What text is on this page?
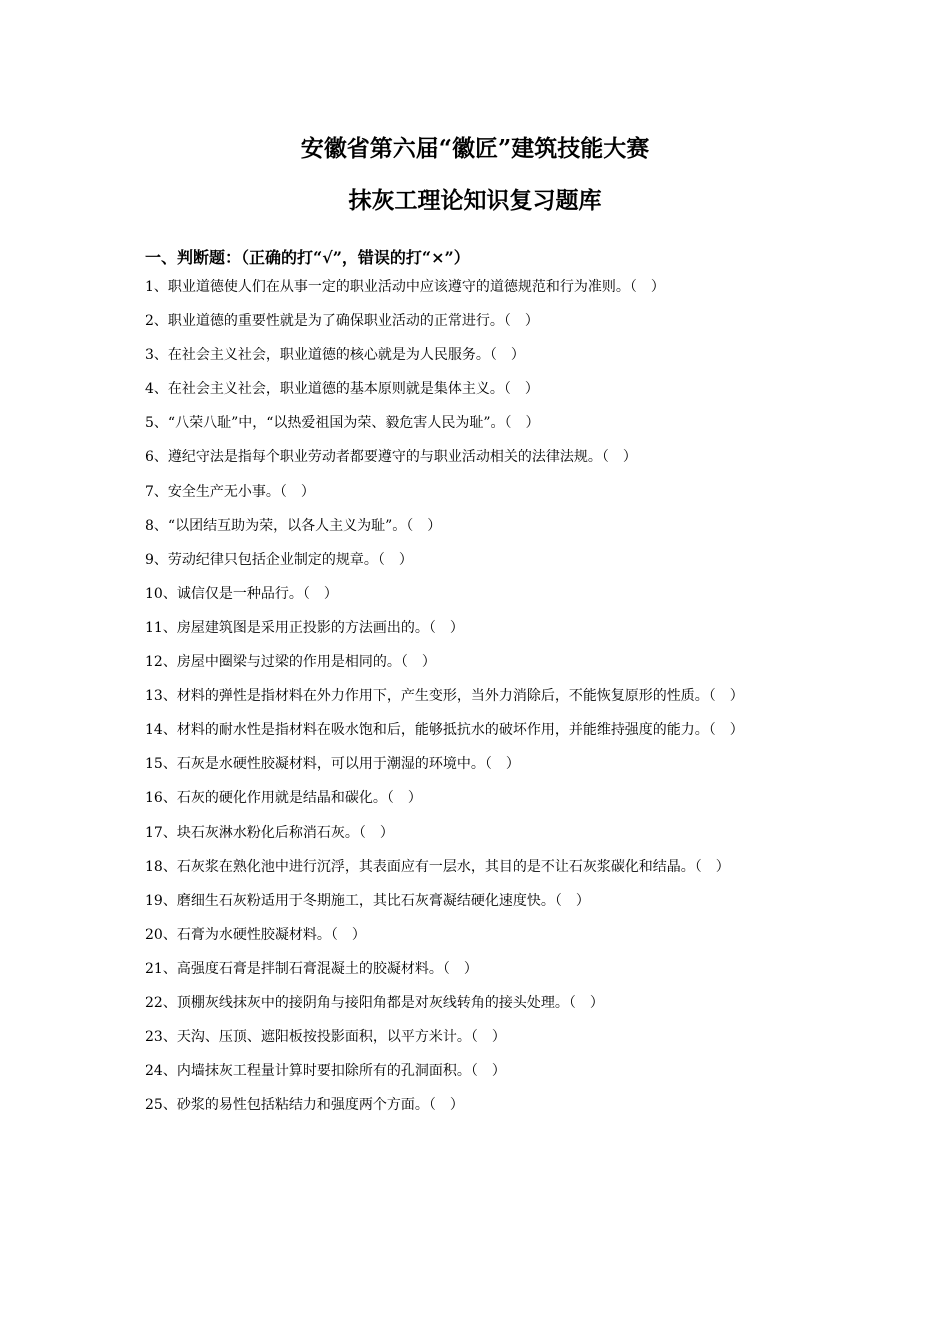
安徽省第六届“徽匠”建筑技能大赛
抹灰工理论知识复习题库
一、判断题：（正确的打“√”，错误的打“×”）
1、职业道德使人们在从事一定的职业活动中应该遵守的道德规范和行为准则。（　）
2、职业道德的重要性就是为了确保职业活动的正常进行。（　）
3、在社会主义社会，职业道德的核心就是为人民服务。（　）
4、在社会主义社会，职业道德的基本原则就是集体主义。（　）
5、“八荣八耻”中，“以热爱祖国为荣、毅危害人民为耻”。（　）
6、遵纪守法是指每个职业劳动者都要遵守的与职业活动相关的法律法规。（　）
7、安全生产无小事。（　）
8、“以团结互助为荣，以各人主义为耻”。（　）
9、劳动纪律只包括企业制定的规章。（　）
10、诚信仅是一种品行。（　）
11、房屋建筑图是采用正投影的方法画出的。（　）
12、房屋中圈梁与过梁的作用是相同的。（　）
13、材料的弹性是指材料在外力作用下，产生变形，当外力消除后，不能恢复原形的性质。（　）
14、材料的耐水性是指材料在吸水饱和后，能够抵抗水的破坏作用，并能维持强度的能力。（　）
15、石灰是水硬性胶凝材料，可以用于潮湿的环境中。（　）
16、石灰的硬化作用就是结晶和碳化。（　）
17、块石灰淋水粉化后称消石灰。（　）
18、石灰浆在熟化池中进行沉浮，其表面应有一层水，其目的是不让石灰浆碳化和结晶。（　）
19、磨细生石灰粉适用于冬期施工，其比石灰膏凝结硬化速度快。（　）
20、石膏为水硬性胶凝材料。（　）
21、高强度石膏是拌制石膏混凝土的胶凝材料。（　）
22、顶棚灰线抹灰中的接阴角与接阳角都是对灰线转角的接头处理。（　）
23、天沟、压顶、遮阳板按投影面积，以平方米计。（　）
24、内墙抹灰工程量计算时要扣除所有的孔洞面积。（　）
25、砂浆的易性包括粘结力和强度两个方面。（　）
